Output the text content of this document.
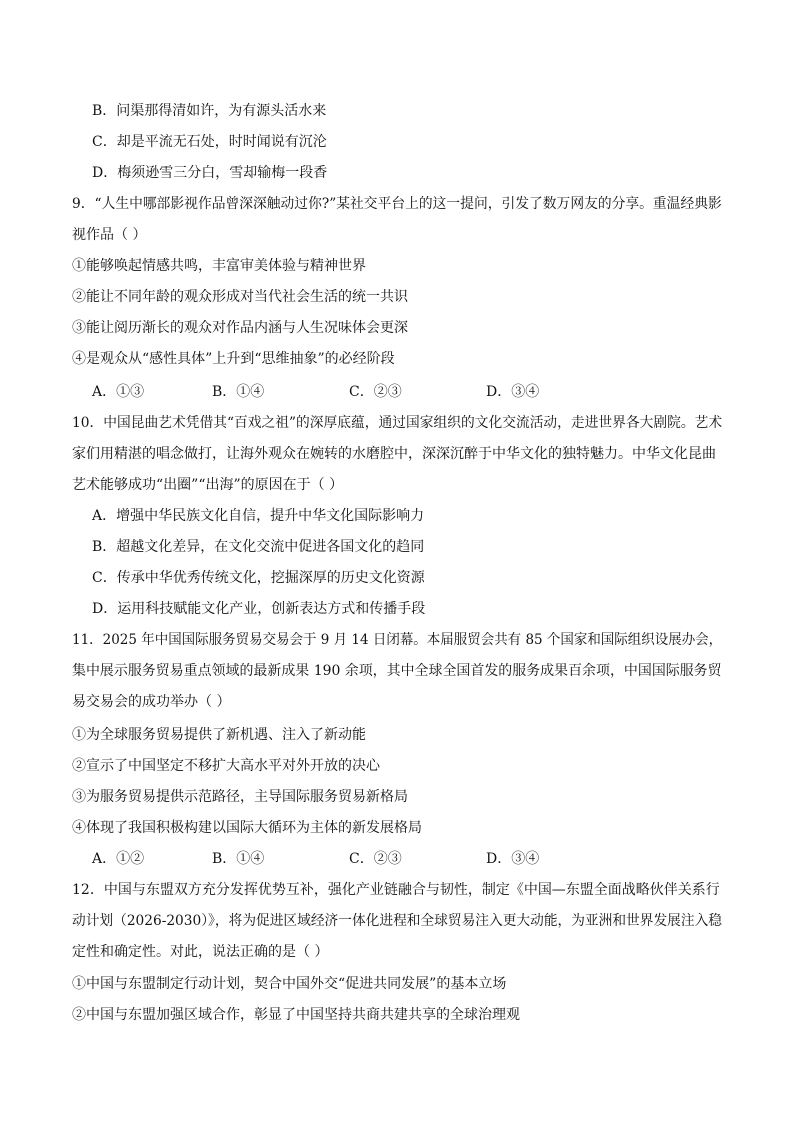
B．问渠那得清如许，为有源头活水来
C．却是平流无石处，时时闻说有沉沦
D．梅须逊雪三分白，雪却输梅一段香
9．“人生中哪部影视作品曾深深触动过你?”某社交平台上的这一提问，引发了数万网友的分享。重温经典影
视作品（ ）
①能够唤起情感共鸣，丰富审美体验与精神世界
②能让不同年龄的观众形成对当代社会生活的统一共识
③能让阅历渐长的观众对作品内涵与人生况味体会更深
④是观众从“感性具体”上升到“思维抽象”的必经阶段
A．①③	B．①④	C．②③	D．③④
10．中国昆曲艺术凭借其“百戏之祖”的深厚底蕴，通过国家组织的文化交流活动，走进世界各大剧院。艺术
家们用精湛的唱念做打，让海外观众在婉转的水磨腔中，深深沉醉于中华文化的独特魅力。中华文化昆曲
艺术能够成功“出圈”“出海”的原因在于（ ）
A．增强中华民族文化自信，提升中华文化国际影响力
B．超越文化差异，在文化交流中促进各国文化的趋同
C．传承中华优秀传统文化，挖掘深厚的历史文化资源
D．运用科技赋能文化产业，创新表达方式和传播手段
11．2025 年中国国际服务贸易交易会于 9 月 14 日闭幕。本届服贸会共有 85 个国家和国际组织设展办会，
集中展示服务贸易重点领域的最新成果 190 余项，其中全球全国首发的服务成果百余项，中国国际服务贸
易交易会的成功举办（ ）
①为全球服务贸易提供了新机遇、注入了新动能
②宣示了中国坚定不移扩大高水平对外开放的决心
③为服务贸易提供示范路径，主导国际服务贸易新格局
④体现了我国积极构建以国际大循环为主体的新发展格局
A．①②	B．①④	C．②③	D．③④
12．中国与东盟双方充分发挥优势互补，强化产业链融合与韧性，制定《中国—东盟全面战略伙伴关系行
动计划（2026-2030）》，将为促进区域经济一体化进程和全球贸易注入更大动能，为亚洲和世界发展注入稳
定性和确定性。对此，说法正确的是（ ）
①中国与东盟制定行动计划，契合中国外交“促进共同发展”的基本立场
②中国与东盟加强区域合作，彰显了中国坚持共商共建共享的全球治理观
